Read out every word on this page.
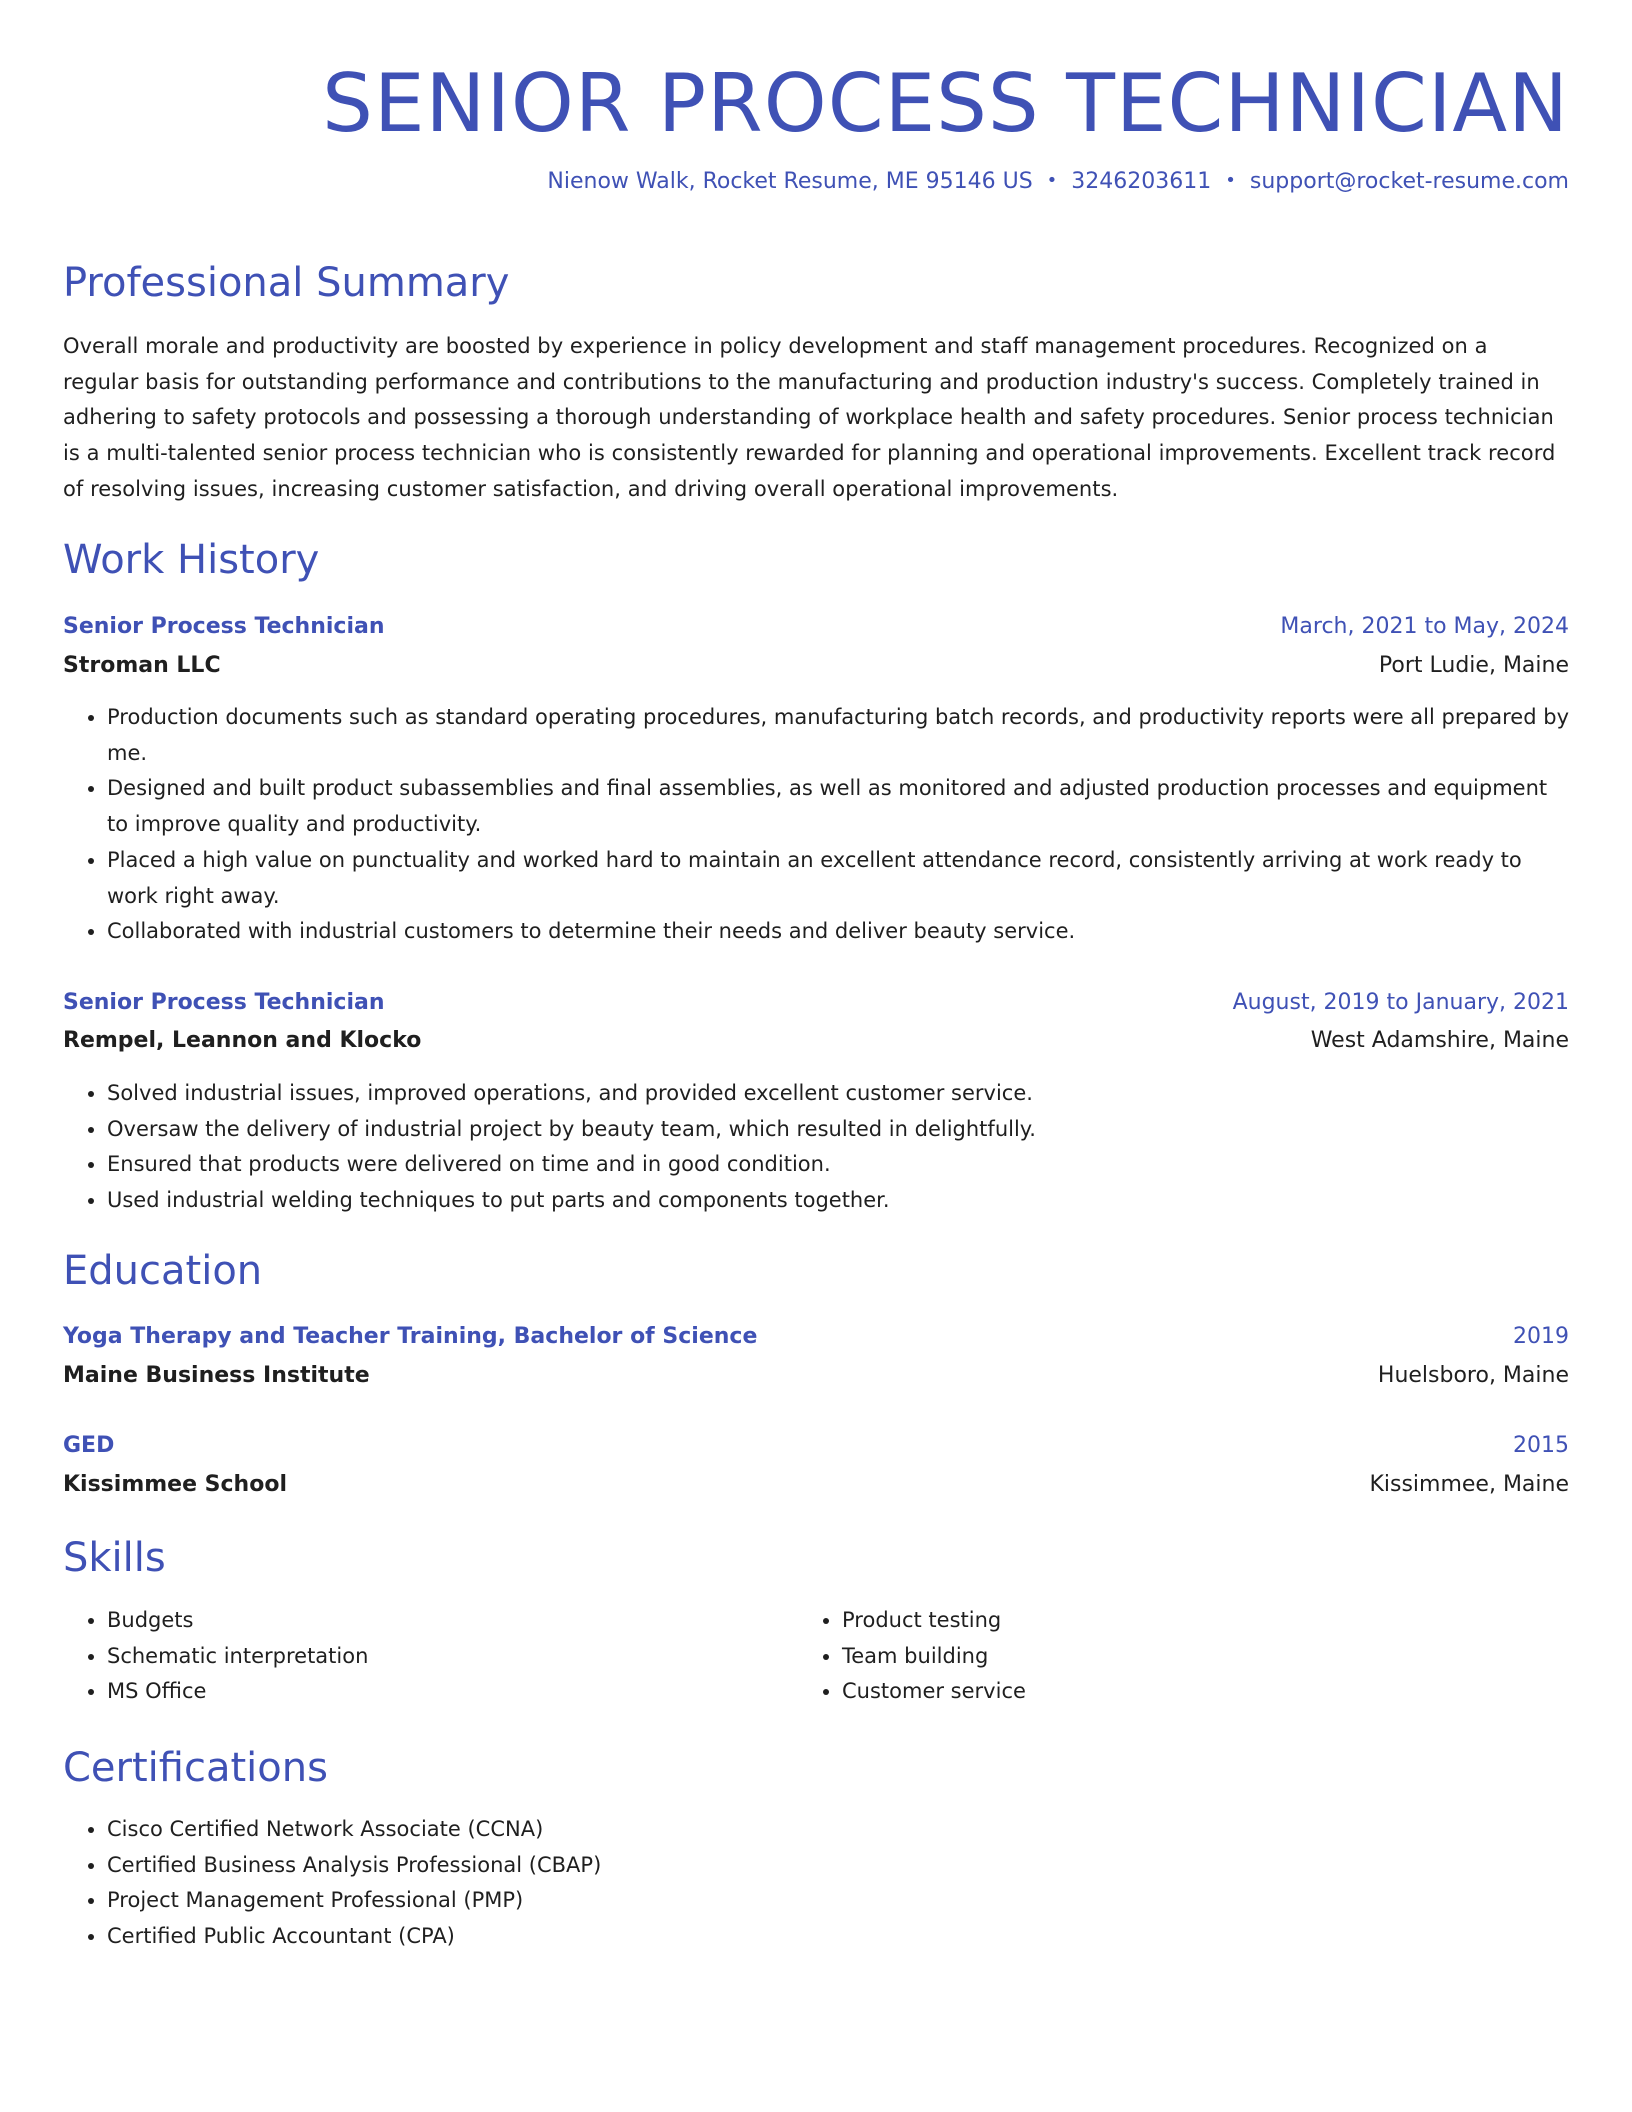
SENIOR PROCESS TECHNICIAN
Nienow Walk, Rocket Resume, ME 95146 US • 3246203611 • support@rocket-resume.com
Professional Summary

Overall morale and productivity are boosted by experience in policy development and staff management procedures. Recognized on a regular basis for outstanding performance and contributions to the manufacturing and production industry's success. Completely trained in adhering to safety protocols and possessing a thorough understanding of workplace health and safety procedures. Senior process technician is a multi-talented senior process technician who is consistently rewarded for planning and operational improvements. Excellent track record of resolving issues, increasing customer satisfaction, and driving overall operational improvements.

Work History
Senior Process Technician	March, 2021 to May, 2024
Stroman LLC	Port Ludie, Maine
• Production documents such as standard operating procedures, manufacturing batch records, and productivity reports were all prepared by me.
• Designed and built product subassemblies and final assemblies, as well as monitored and adjusted production processes and equipment to improve quality and productivity.
• Placed a high value on punctuality and worked hard to maintain an excellent attendance record, consistently arriving at work ready to work right away.
• Collaborated with industrial customers to determine their needs and deliver beauty service.
Senior Process Technician	August, 2019 to January, 2021
Rempel, Leannon and Klocko	West Adamshire, Maine
• Solved industrial issues, improved operations, and provided excellent customer service.
• Oversaw the delivery of industrial project by beauty team, which resulted in delightfully.
• Ensured that products were delivered on time and in good condition.
• Used industrial welding techniques to put parts and components together.
Education
Yoga Therapy and Teacher Training, Bachelor of Science	2019
Maine Business Institute	Huelsboro, Maine
GED	2015
Kissimmee School	Kissimmee, Maine
Skills
• Budgets
• Schematic interpretation
• MS Office
• Product testing
• Team building
• Customer service
Certifications
• Cisco Certified Network Associate (CCNA)
• Certified Business Analysis Professional (CBAP)
• Project Management Professional (PMP)
• Certified Public Accountant (CPA)
